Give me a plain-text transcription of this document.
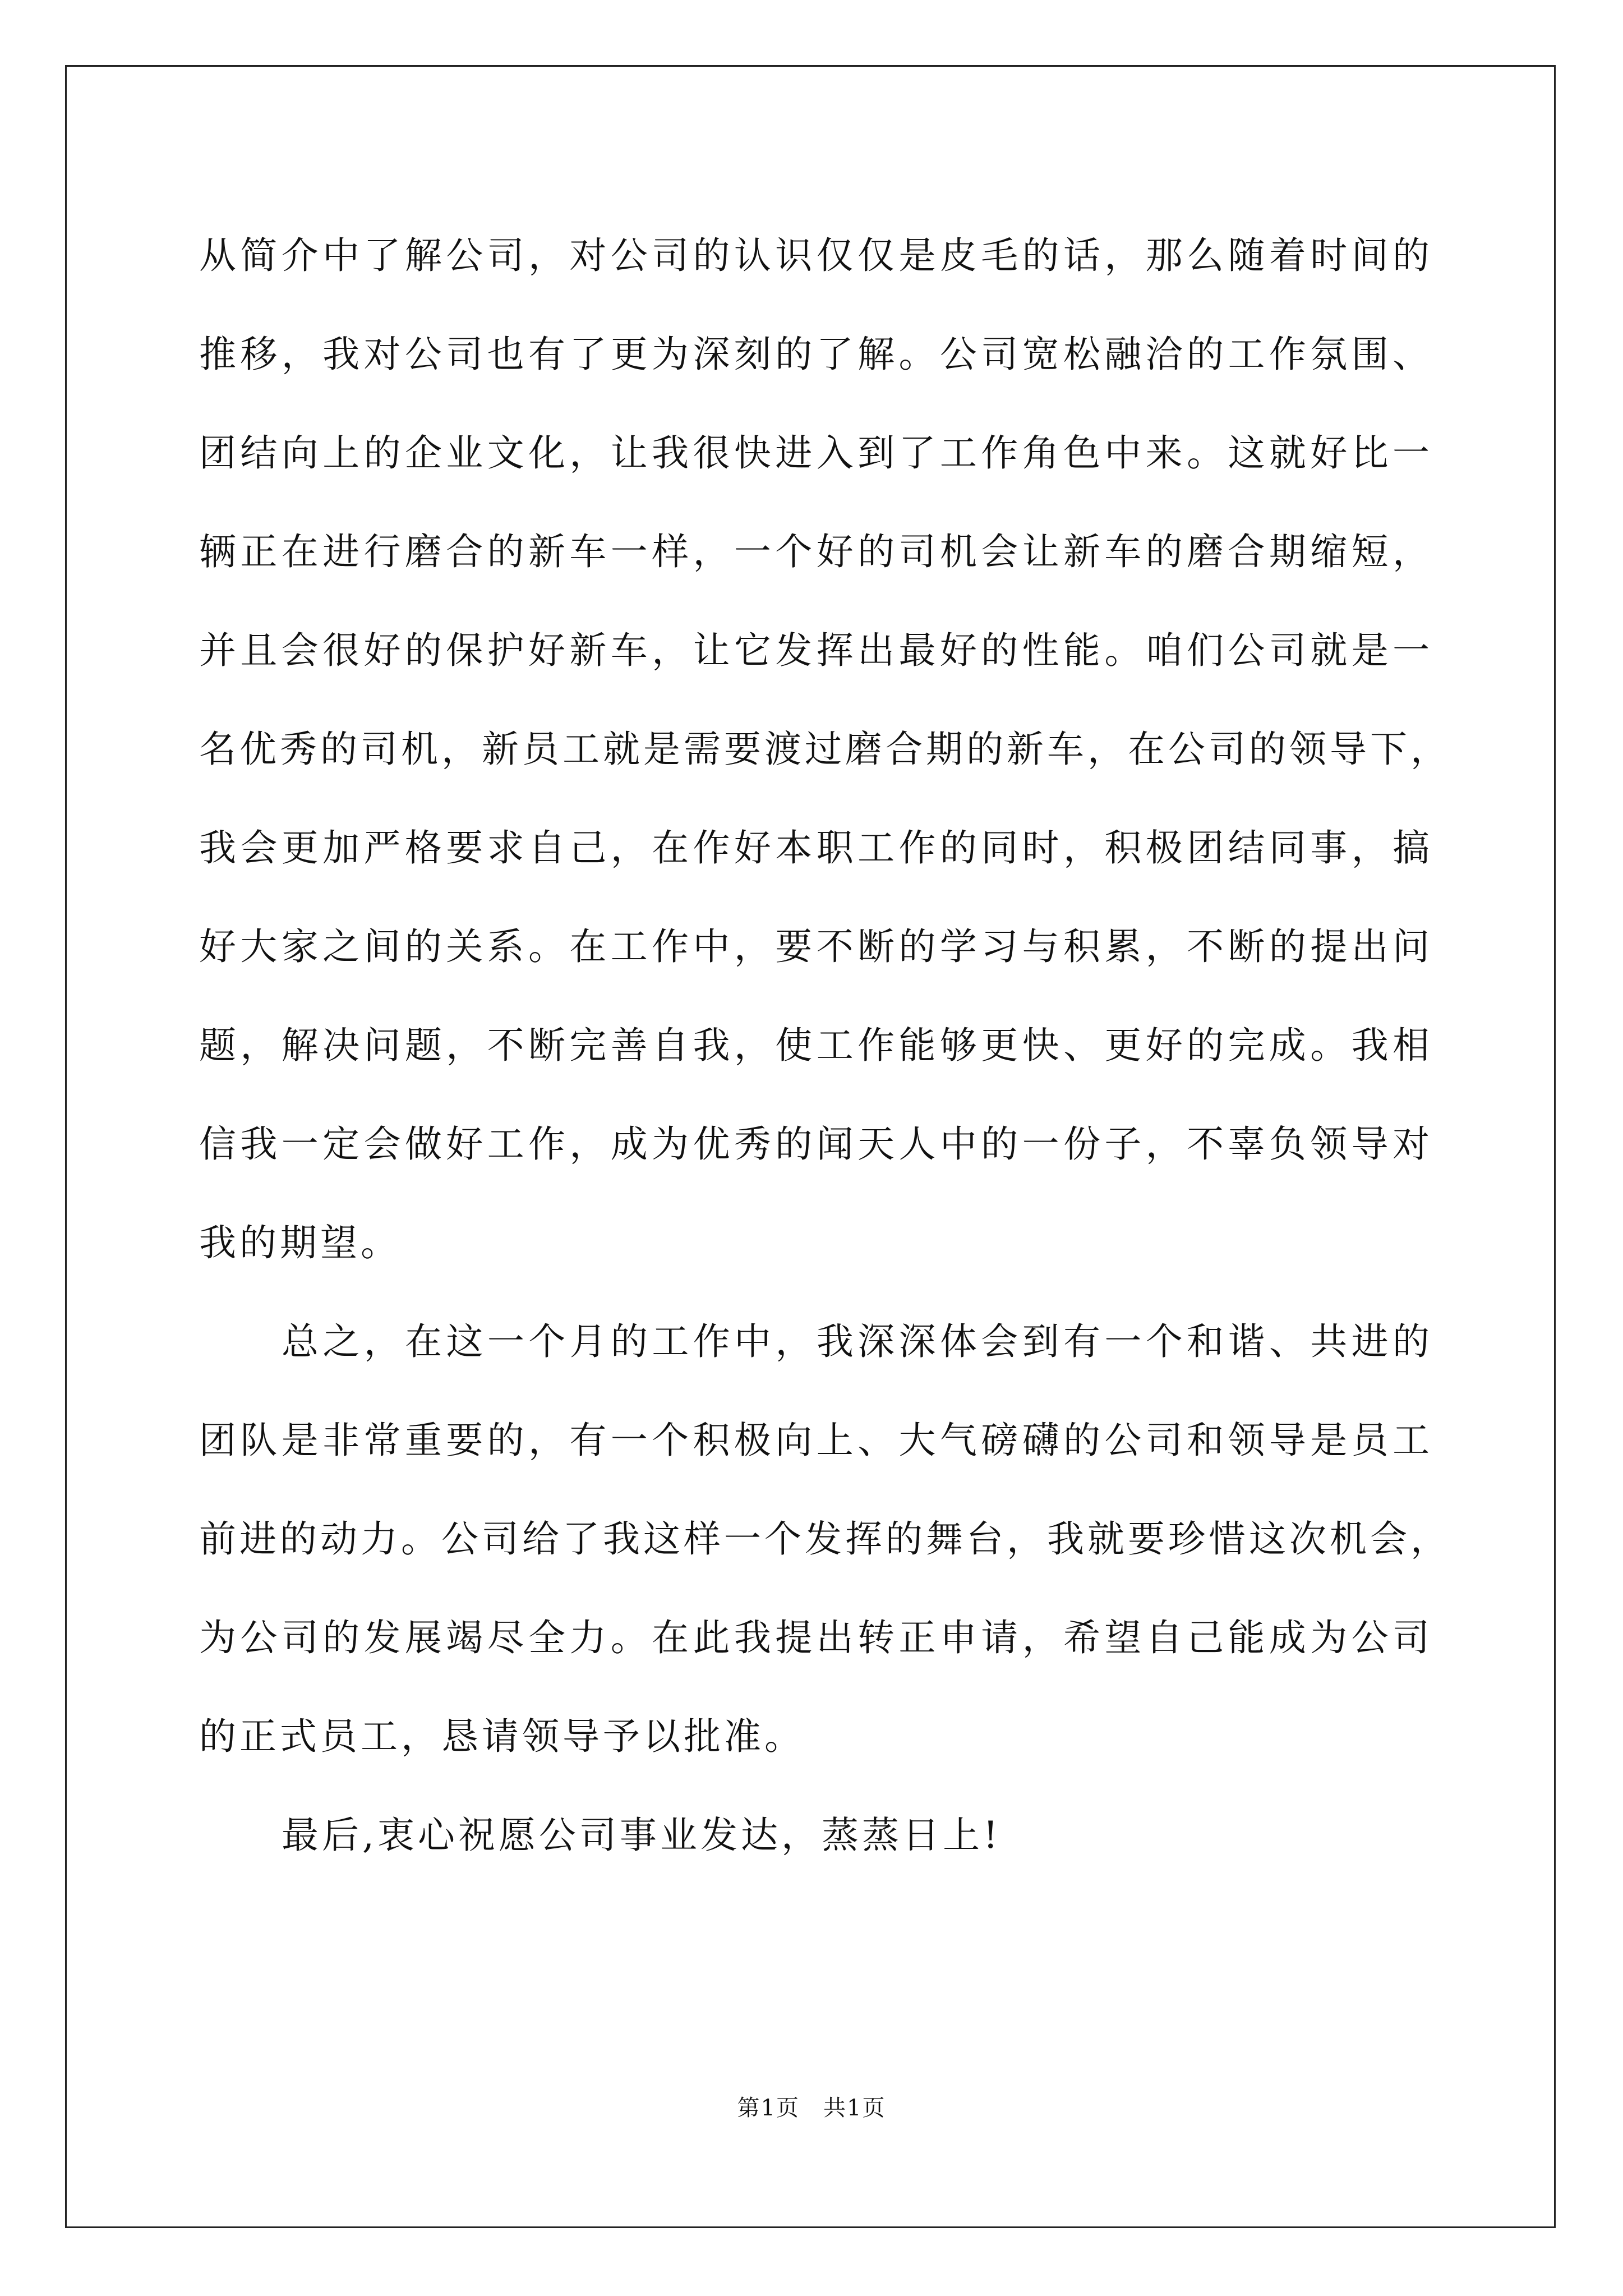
从简介中了解公司，对公司的认识仅仅是皮毛的话，那么随着时间的
推移，我对公司也有了更为深刻的了解。公司宽松融洽的工作氛围、
团结向上的企业文化，让我很快进入到了工作角色中来。这就好比一
辆正在进行磨合的新车一样，一个好的司机会让新车的磨合期缩短，
并且会很好的保护好新车，让它发挥出最好的性能。咱们公司就是一
名优秀的司机，新员工就是需要渡过磨合期的新车，在公司的领导下，
我会更加严格要求自己，在作好本职工作的同时，积极团结同事，搞
好大家之间的关系。在工作中，要不断的学习与积累，不断的提出问
题，解决问题，不断完善自我，使工作能够更快、更好的完成。我相
信我一定会做好工作，成为优秀的闻天人中的一份子，不辜负领导对
我的期望。
总之，在这一个月的工作中，我深深体会到有一个和谐、共进的
团队是非常重要的，有一个积极向上、大气磅礴的公司和领导是员工
前进的动力。公司给了我这样一个发挥的舞台，我就要珍惜这次机会，
为公司的发展竭尽全力。在此我提出转正申请，希望自己能成为公司
的正式员工，恳请领导予以批准。
最后,衷心祝愿公司事业发达，蒸蒸日上!
第1页　共1页
